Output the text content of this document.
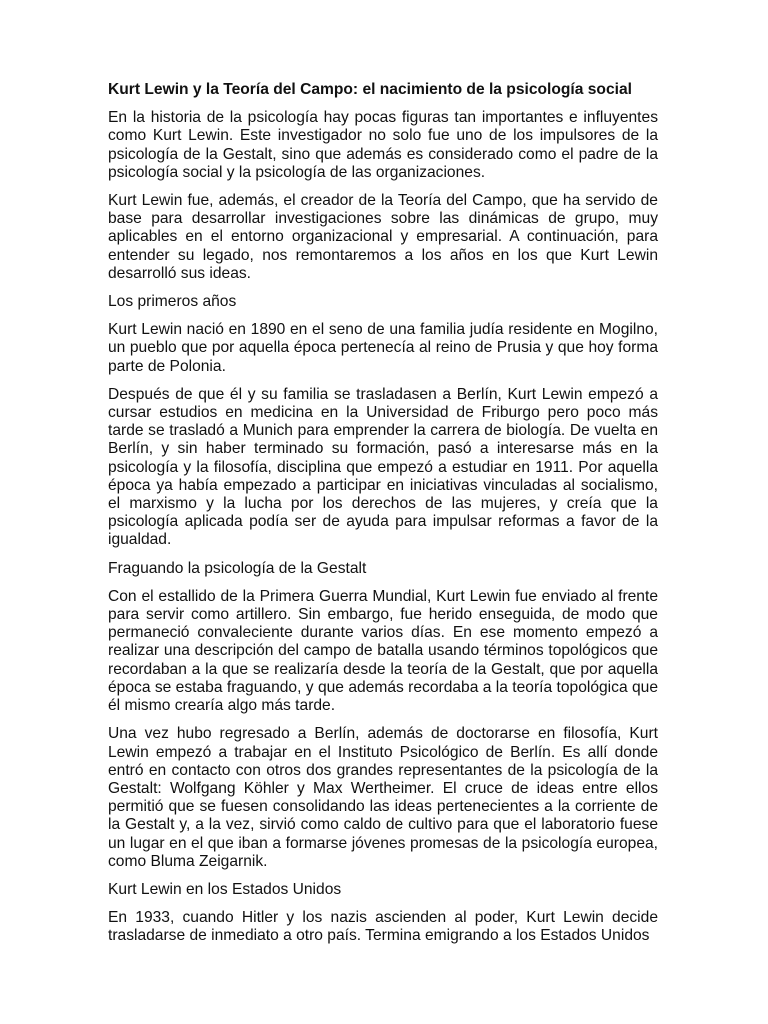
Kurt Lewin y la Teoría del Campo: el nacimiento de la psicología social

En la historia de la psicología hay pocas figuras tan importantes e influyentes como Kurt Lewin. Este investigador no solo fue uno de los impulsores de la psicología de la Gestalt, sino que además es considerado como el padre de la psicología social y la psicología de las organizaciones.

Kurt Lewin fue, además, el creador de la Teoría del Campo, que ha servido de base para desarrollar investigaciones sobre las dinámicas de grupo, muy aplicables en el entorno organizacional y empresarial. A continuación, para entender su legado, nos remontaremos a los años en los que Kurt Lewin desarrolló sus ideas.

Los primeros años

Kurt Lewin nació en 1890 en el seno de una familia judía residente en Mogilno, un pueblo que por aquella época pertenecía al reino de Prusia y que hoy forma parte de Polonia.

Después de que él y su familia se trasladasen a Berlín, Kurt Lewin empezó a cursar estudios en medicina en la Universidad de Friburgo pero poco más tarde se trasladó a Munich para emprender la carrera de biología. De vuelta en Berlín, y sin haber terminado su formación, pasó a interesarse más en la psicología y la filosofía, disciplina que empezó a estudiar en 1911. Por aquella época ya había empezado a participar en iniciativas vinculadas al socialismo, el marxismo y la lucha por los derechos de las mujeres, y creía que la psicología aplicada podía ser de ayuda para impulsar reformas a favor de la igualdad.

Fraguando la psicología de la Gestalt

Con el estallido de la Primera Guerra Mundial, Kurt Lewin fue enviado al frente para servir como artillero. Sin embargo, fue herido enseguida, de modo que permaneció convaleciente durante varios días. En ese momento empezó a realizar una descripción del campo de batalla usando términos topológicos que recordaban a la que se realizaría desde la teoría de la Gestalt, que por aquella época se estaba fraguando, y que además recordaba a la teoría topológica que él mismo crearía algo más tarde.

Una vez hubo regresado a Berlín, además de doctorarse en filosofía, Kurt Lewin empezó a trabajar en el Instituto Psicológico de Berlín. Es allí donde entró en contacto con otros dos grandes representantes de la psicología de la Gestalt: Wolfgang Köhler y Max Wertheimer. El cruce de ideas entre ellos permitió que se fuesen consolidando las ideas pertenecientes a la corriente de la Gestalt y, a la vez, sirvió como caldo de cultivo para que el laboratorio fuese un lugar en el que iban a formarse jóvenes promesas de la psicología europea, como Bluma Zeigarnik.

Kurt Lewin en los Estados Unidos

En 1933, cuando Hitler y los nazis ascienden al poder, Kurt Lewin decide trasladarse de inmediato a otro país. Termina emigrando a los Estados Unidos
